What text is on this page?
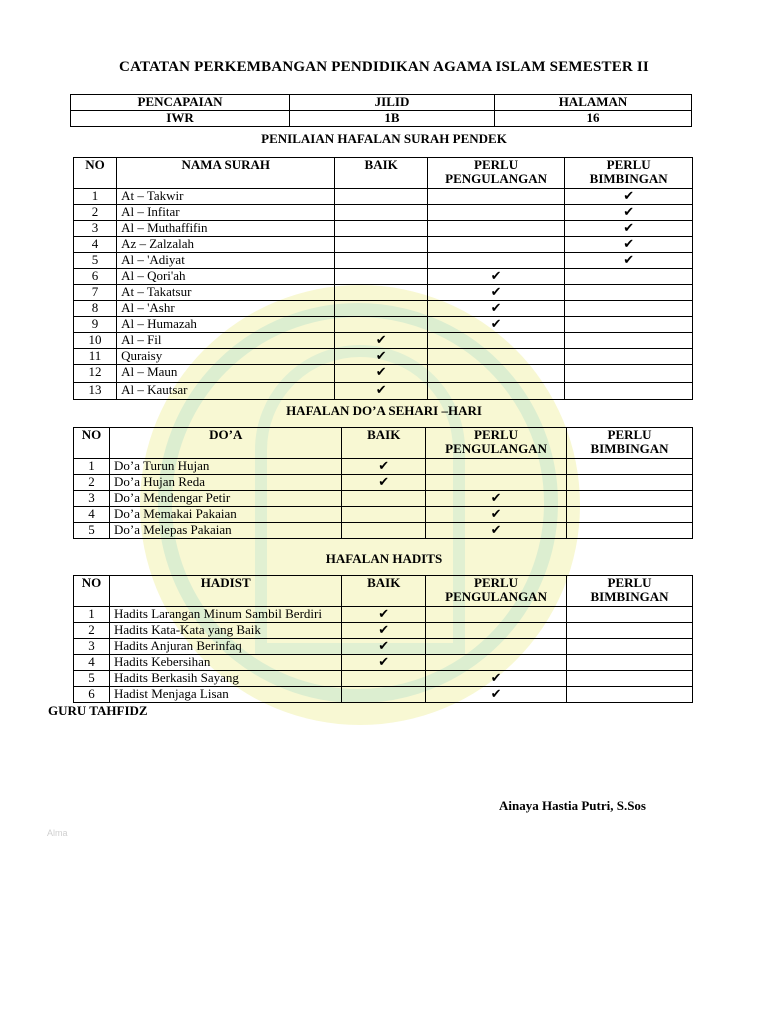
CATATAN PERKEMBANGAN PENDIDIKAN AGAMA ISLAM SEMESTER II
PENCAPAIAN	JILID	HALAMAN
IWR	1B	16
PENILAIAN HAFALAN SURAH PENDEK
NO	NAMA SURAH	BAIK	PERLU PENGULANGAN	PERLU BIMBINGAN
1	At – Takwir			✔
2	Al – Infitar			✔
3	Al – Muthaffifin			✔
4	Az – Zalzalah			✔
5	Al – 'Adiyat			✔
6	Al – Qori'ah		✔	
7	At – Takatsur		✔	
8	Al – 'Ashr		✔	
9	Al – Humazah		✔	
10	Al – Fil	✔		
11	Quraisy	✔		
12	Al – Maun	✔		
13	Al – Kautsar	✔		
HAFALAN DO’A SEHARI –HARI
NO	DO’A	BAIK	PERLU PENGULANGAN	PERLU BIMBINGAN
1	Do’a Turun Hujan	✔		
2	Do’a Hujan Reda	✔		
3	Do’a Mendengar Petir		✔	
4	Do’a Memakai Pakaian		✔	
5	Do’a Melepas Pakaian		✔	
HAFALAN HADITS
NO	HADIST	BAIK	PERLU PENGULANGAN	PERLU BIMBINGAN
1	Hadits Larangan Minum Sambil Berdiri	✔		
2	Hadits Kata-Kata yang Baik	✔		
3	Hadits Anjuran Berinfaq	✔		
4	Hadits Kebersihan	✔		
5	Hadits Berkasih Sayang		✔	
6	Hadist Menjaga Lisan		✔	
GURU TAHFIDZ
Ainaya Hastia Putri, S.Sos
Alma
